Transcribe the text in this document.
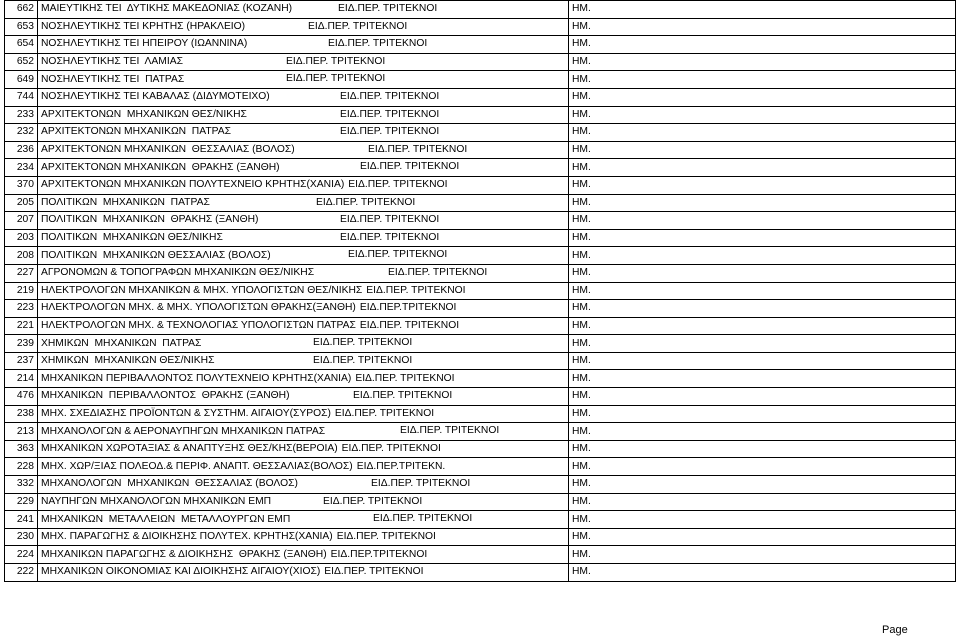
662	ΜΑΙΕΥΤΙΚΗΣ ΤΕΙ  ΔΥΤΙΚΗΣ ΜΑΚΕΔΟΝΙΑΣ (ΚΟΖΑΝΗ) ΕΙΔ.ΠΕΡ. ΤΡΙΤΕΚΝΟΙ	ΗΜ.
653	ΝΟΣΗΛΕΥΤΙΚΗΣ ΤΕΙ ΚΡΗΤΗΣ (ΗΡΑΚΛΕΙΟ) ΕΙΔ.ΠΕΡ. ΤΡΙΤΕΚΝΟΙ	ΗΜ.
654	ΝΟΣΗΛΕΥΤΙΚΗΣ ΤΕΙ ΗΠΕΙΡΟΥ (ΙΩΑΝΝΙΝΑ) ΕΙΔ.ΠΕΡ. ΤΡΙΤΕΚΝΟΙ	ΗΜ.
652	ΝΟΣΗΛΕΥΤΙΚΗΣ ΤΕΙ  ΛΑΜΙΑΣ ΕΙΔ.ΠΕΡ. ΤΡΙΤΕΚΝΟΙ	ΗΜ.
649	ΝΟΣΗΛΕΥΤΙΚΗΣ ΤΕΙ  ΠΑΤΡΑΣ ΕΙΔ.ΠΕΡ. ΤΡΙΤΕΚΝΟΙ	ΗΜ.
744	ΝΟΣΗΛΕΥΤΙΚΗΣ ΤΕΙ ΚΑΒΑΛΑΣ (ΔΙΔΥΜΟΤΕΙΧΟ) ΕΙΔ.ΠΕΡ. ΤΡΙΤΕΚΝΟΙ	ΗΜ.
233	ΑΡΧΙΤΕΚΤΟΝΩΝ  ΜΗΧΑΝΙΚΩΝ ΘΕΣ/ΝΙΚΗΣ ΕΙΔ.ΠΕΡ. ΤΡΙΤΕΚΝΟΙ	ΗΜ.
232	ΑΡΧΙΤΕΚΤΟΝΩΝ ΜΗΧΑΝΙΚΩΝ  ΠΑΤΡΑΣ ΕΙΔ.ΠΕΡ. ΤΡΙΤΕΚΝΟΙ	ΗΜ.
236	ΑΡΧΙΤΕΚΤΟΝΩΝ ΜΗΧΑΝΙΚΩΝ  ΘΕΣΣΑΛΙΑΣ (ΒΟΛΟΣ) ΕΙΔ.ΠΕΡ. ΤΡΙΤΕΚΝΟΙ	ΗΜ.
234	ΑΡΧΙΤΕΚΤΟΝΩΝ ΜΗΧΑΝΙΚΩΝ  ΘΡΑΚΗΣ (ΞΑΝΘΗ) ΕΙΔ.ΠΕΡ. ΤΡΙΤΕΚΝΟΙ	ΗΜ.
370	ΑΡΧΙΤΕΚΤΟΝΩΝ ΜΗΧΑΝΙΚΩΝ ΠΟΛΥΤΕΧΝΕΙΟ ΚΡΗΤΗΣ(ΧΑΝΙΑ) ΕΙΔ.ΠΕΡ. ΤΡΙΤΕΚΝΟΙ	ΗΜ.
205	ΠΟΛΙΤΙΚΩΝ  ΜΗΧΑΝΙΚΩΝ  ΠΑΤΡΑΣ ΕΙΔ.ΠΕΡ. ΤΡΙΤΕΚΝΟΙ	ΗΜ.
207	ΠΟΛΙΤΙΚΩΝ  ΜΗΧΑΝΙΚΩΝ  ΘΡΑΚΗΣ (ΞΑΝΘΗ) ΕΙΔ.ΠΕΡ. ΤΡΙΤΕΚΝΟΙ	ΗΜ.
203	ΠΟΛΙΤΙΚΩΝ  ΜΗΧΑΝΙΚΩΝ ΘΕΣ/ΝΙΚΗΣ ΕΙΔ.ΠΕΡ. ΤΡΙΤΕΚΝΟΙ	ΗΜ.
208	ΠΟΛΙΤΙΚΩΝ  ΜΗΧΑΝΙΚΩΝ ΘΕΣΣΑΛΙΑΣ (ΒΟΛΟΣ) ΕΙΔ.ΠΕΡ. ΤΡΙΤΕΚΝΟΙ	ΗΜ.
227	ΑΓΡΟΝΟΜΩΝ & ΤΟΠΟΓΡΑΦΩΝ ΜΗΧΑΝΙΚΩΝ ΘΕΣ/ΝΙΚΗΣ ΕΙΔ.ΠΕΡ. ΤΡΙΤΕΚΝΟΙ	ΗΜ.
219	ΗΛΕΚΤΡΟΛΟΓΩΝ ΜΗΧΑΝΙΚΩΝ & ΜΗΧ. ΥΠΟΛΟΓΙΣΤΩΝ ΘΕΣ/ΝΙΚΗΣ ΕΙΔ.ΠΕΡ. ΤΡΙΤΕΚΝΟΙ	ΗΜ.
223	ΗΛΕΚΤΡΟΛΟΓΩΝ ΜΗΧ. & ΜΗΧ. ΥΠΟΛΟΓΙΣΤΩΝ ΘΡΑΚΗΣ(ΞΑΝΘΗ) ΕΙΔ.ΠΕΡ.ΤΡΙΤΕΚΝΟΙ	ΗΜ.
221	ΗΛΕΚΤΡΟΛΟΓΩΝ ΜΗΧ. & ΤΕΧΝΟΛΟΓΙΑΣ ΥΠΟΛΟΓΙΣΤΩΝ ΠΑΤΡΑΣ ΕΙΔ.ΠΕΡ. ΤΡΙΤΕΚΝΟΙ	ΗΜ.
239	ΧΗΜΙΚΩΝ  ΜΗΧΑΝΙΚΩΝ  ΠΑΤΡΑΣ ΕΙΔ.ΠΕΡ. ΤΡΙΤΕΚΝΟΙ	ΗΜ.
237	ΧΗΜΙΚΩΝ  ΜΗΧΑΝΙΚΩΝ ΘΕΣ/ΝΙΚΗΣ ΕΙΔ.ΠΕΡ. ΤΡΙΤΕΚΝΟΙ	ΗΜ.
214	ΜΗΧΑΝΙΚΩΝ ΠΕΡΙΒΑΛΛΟΝΤΟΣ ΠΟΛΥΤΕΧΝΕΙΟ ΚΡΗΤΗΣ(ΧΑΝΙΑ) ΕΙΔ.ΠΕΡ. ΤΡΙΤΕΚΝΟΙ	ΗΜ.
476	ΜΗΧΑΝΙΚΩΝ  ΠΕΡΙΒΑΛΛΟΝΤΟΣ  ΘΡΑΚΗΣ (ΞΑΝΘΗ) ΕΙΔ.ΠΕΡ. ΤΡΙΤΕΚΝΟΙ	ΗΜ.
238	ΜΗΧ. ΣΧΕΔΙΑΣΗΣ ΠΡΟΪΟΝΤΩΝ & ΣΥΣΤΗΜ. ΑΙΓΑΙΟΥ(ΣΥΡΟΣ) ΕΙΔ.ΠΕΡ. ΤΡΙΤΕΚΝΟΙ	ΗΜ.
213	ΜΗΧΑΝΟΛΟΓΩΝ & ΑΕΡΟΝΑΥΠΗΓΩΝ ΜΗΧΑΝΙΚΩΝ ΠΑΤΡΑΣ ΕΙΔ.ΠΕΡ. ΤΡΙΤΕΚΝΟΙ	ΗΜ.
363	ΜΗΧΑΝΙΚΩΝ ΧΩΡΟΤΑΞΙΑΣ & ΑΝΑΠΤΥΞΗΣ ΘΕΣ/ΚΗΣ(ΒΕΡΟΙΑ) ΕΙΔ.ΠΕΡ. ΤΡΙΤΕΚΝΟΙ	ΗΜ.
228	ΜΗΧ. ΧΩΡ/ΞΙΑΣ ΠΟΛΕΟΔ.& ΠΕΡΙΦ. ΑΝΑΠΤ. ΘΕΣΣΑΛΙΑΣ(ΒΟΛΟΣ) ΕΙΔ.ΠΕΡ.ΤΡΙΤΕΚΝ.	ΗΜ.
332	ΜΗΧΑΝΟΛΟΓΩΝ  ΜΗΧΑΝΙΚΩΝ  ΘΕΣΣΑΛΙΑΣ (ΒΟΛΟΣ) ΕΙΔ.ΠΕΡ. ΤΡΙΤΕΚΝΟΙ	ΗΜ.
229	ΝΑΥΠΗΓΩΝ ΜΗΧΑΝΟΛΟΓΩΝ ΜΗΧΑΝΙΚΩΝ ΕΜΠ ΕΙΔ.ΠΕΡ. ΤΡΙΤΕΚΝΟΙ	ΗΜ.
241	ΜΗΧΑΝΙΚΩΝ  ΜΕΤΑΛΛΕΙΩΝ  ΜΕΤΑΛΛΟΥΡΓΩΝ ΕΜΠ ΕΙΔ.ΠΕΡ. ΤΡΙΤΕΚΝΟΙ	ΗΜ.
230	ΜΗΧ. ΠΑΡΑΓΩΓΗΣ & ΔΙΟΙΚΗΣΗΣ ΠΟΛΥΤΕΧ. ΚΡΗΤΗΣ(ΧΑΝΙΑ) ΕΙΔ.ΠΕΡ. ΤΡΙΤΕΚΝΟΙ	ΗΜ.
224	ΜΗΧΑΝΙΚΩΝ ΠΑΡΑΓΩΓΗΣ & ΔΙΟΙΚΗΣΗΣ  ΘΡΑΚΗΣ (ΞΑΝΘΗ) ΕΙΔ.ΠΕΡ.ΤΡΙΤΕΚΝΟΙ	ΗΜ.
222	ΜΗΧΑΝΙΚΩΝ ΟΙΚΟΝΟΜΙΑΣ ΚΑΙ ΔΙΟΙΚΗΣΗΣ ΑΙΓΑΙΟΥ(ΧΙΟΣ) ΕΙΔ.ΠΕΡ. ΤΡΙΤΕΚΝΟΙ	ΗΜ.
Page
